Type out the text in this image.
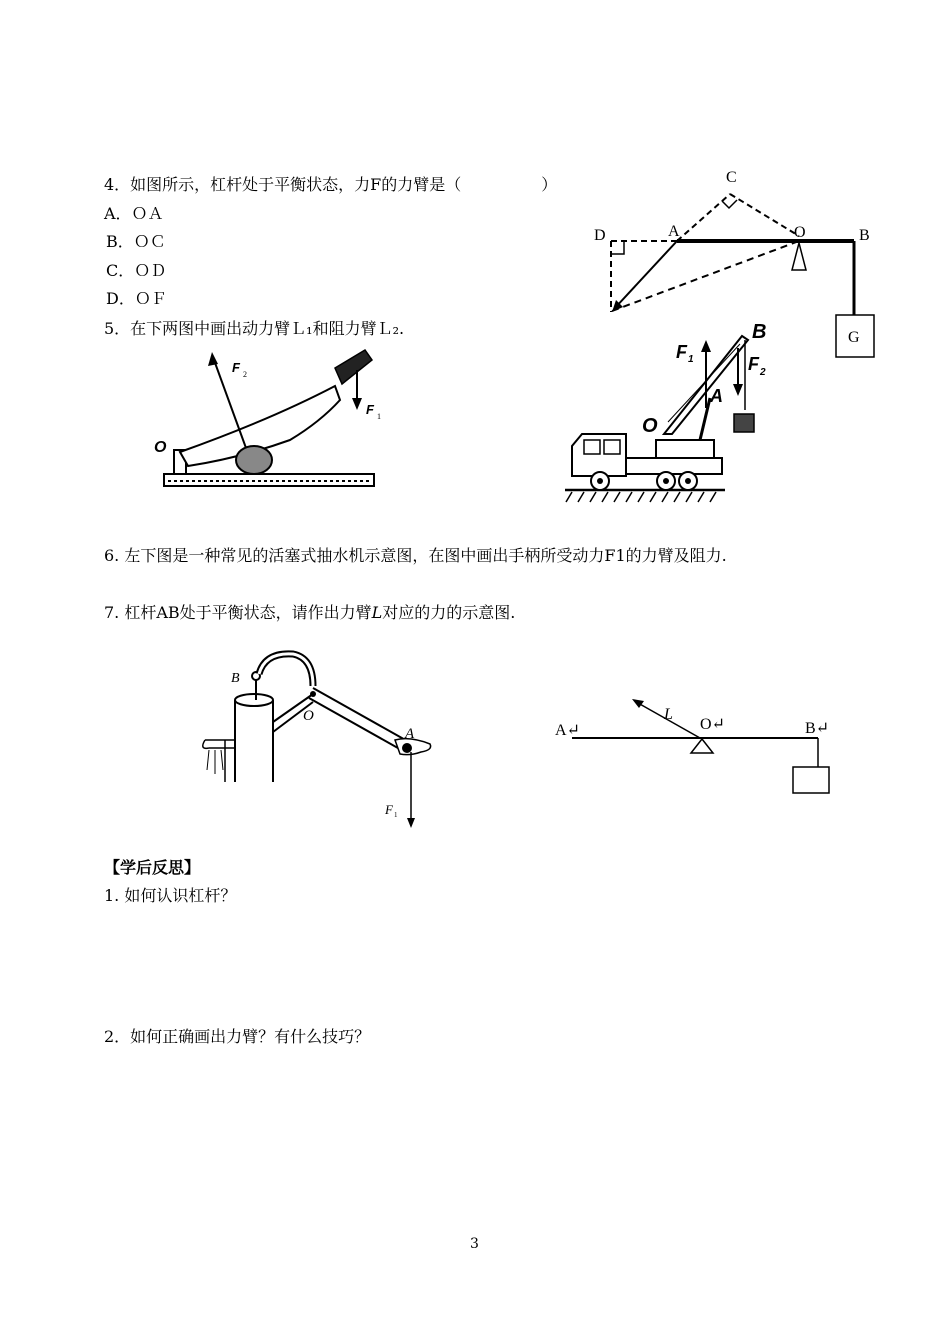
4．如图所示，杠杆处于平衡状态，力F的力臂是（　　　　　）
A．ＯＡ
B．ＯＣ
C．ＯＤ
D．ＯＦ
C
D	A	O	B
G
5．在下两图中画出动力臂Ｌ₁和阻力臂Ｌ₂.
O
F 2
F 1
B
F 1	F 2
A
O
6. 左下图是一种常见的活塞式抽水机示意图，在图中画出手柄所受动力F1的力臂及阻力.
7. 杠杆AB处于平衡状态，请作出力臂L对应的力的示意图.
B
O
A
F 1
A↵
L
O↵	B↵
【学后反思】
1. 如何认识杠杆？
2．如何正确画出力臂？有什么技巧？
3
